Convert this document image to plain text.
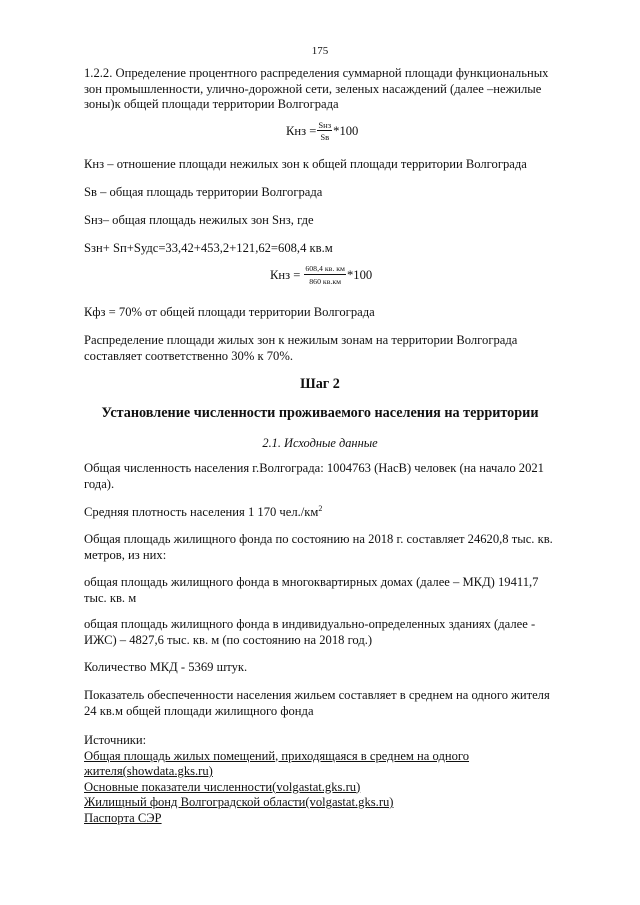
175

1.2.2. Определение процентного распределения суммарной площади функциональных зон промышленности, улично-дорожной сети, зеленых насаждений (далее –нежилые зоны)к общей площади территории Волгограда

Кнз = $\frac{\text{Sнз}}{Sв} *100$

Кнз – отношение площади нежилых зон к общей площади территории Волгограда

Sв – общая площадь территории Волгограда

Sнз– общая площадь нежилых зон Sнз, где

Sзн+ Sп+Sудс=33,42+453,2+121,62=608,4 кв.м

Кнз = $\frac{608,4 кв. км}{860 кв.км} *100$

Кфз = 70% от общей площади территории Волгограда

Распределение площади жилых зон к нежилым зонам на территории Волгограда составляет соответственно 30% к 70%.

Шаг 2
Установление численности проживаемого населения на территории
2.1. Исходные данные

Общая численность населения г.Волгограда: 1004763 (НасВ) человек (на начало 2021 года).

Средняя плотность населения 1 170 $чел./км^2$

Общая площадь жилищного фонда по состоянию на 2018 г. составляет 24620,8 тыс. кв. метров, из них:

общая площадь жилищного фонда в многоквартирных домах (далее – МКД) 19411,7 тыс. кв. м

общая площадь жилищного фонда в индивидуально-определенных зданиях (далее - ИЖС) – 4827,6 тыс. кв. м (по состоянию на 2018 год.)

Количество МКД - 5369 штук.

Показатель обеспеченности населения жильем составляет в среднем на одного жителя 24 кв.м общей площади жилищного фонда

Источники:
Общая площадь жилых помещений, приходящаяся в среднем на одного жителя(showdata.gks.ru)
Основные показатели численности(volgastat.gks.ru)
Жилищный фонд Волгоградской области(volgastat.gks.ru)
Паспорта СЭР
